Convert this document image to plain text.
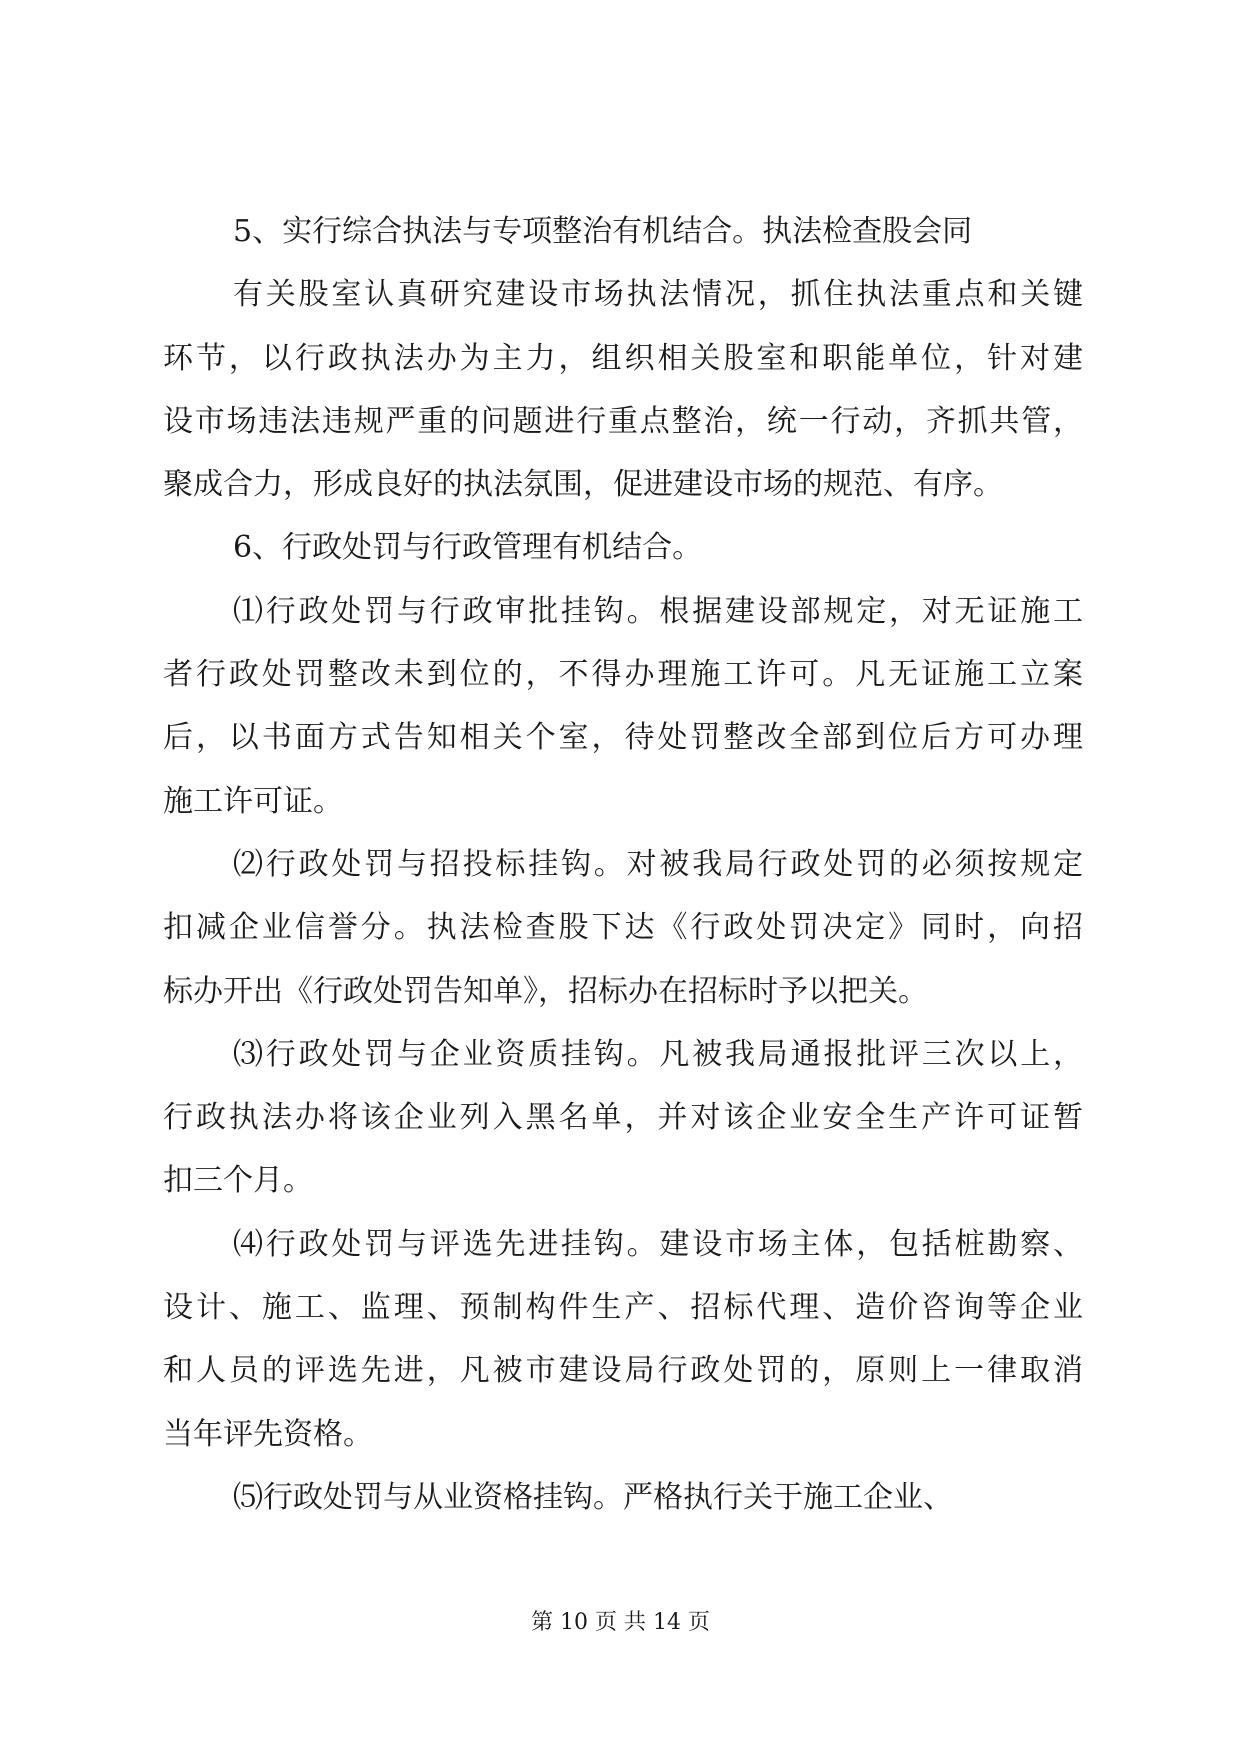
5、实行综合执法与专项整治有机结合。执法检查股会同
有关股室认真研究建设市场执法情况，抓住执法重点和关键
环节，以行政执法办为主力，组织相关股室和职能单位，针对建
设市场违法违规严重的问题进行重点整治，统一行动，齐抓共管，
聚成合力，形成良好的执法氛围，促进建设市场的规范、有序。
6、行政处罚与行政管理有机结合。
⑴行政处罚与行政审批挂钩。根据建设部规定，对无证施工
者行政处罚整改未到位的，不得办理施工许可。凡无证施工立案
后，以书面方式告知相关个室，待处罚整改全部到位后方可办理
施工许可证。
⑵行政处罚与招投标挂钩。对被我局行政处罚的必须按规定
扣减企业信誉分。执法检查股下达《行政处罚决定》同时，向招
标办开出《行政处罚告知单》，招标办在招标时予以把关。
⑶行政处罚与企业资质挂钩。凡被我局通报批评三次以上，
行政执法办将该企业列入黑名单，并对该企业安全生产许可证暂
扣三个月。
⑷行政处罚与评选先进挂钩。建设市场主体，包括桩勘察、
设计、施工、监理、预制构件生产、招标代理、造价咨询等企业
和人员的评选先进，凡被市建设局行政处罚的，原则上一律取消
当年评先资格。
⑸行政处罚与从业资格挂钩。严格执行关于施工企业、
第 10 页 共 14 页
